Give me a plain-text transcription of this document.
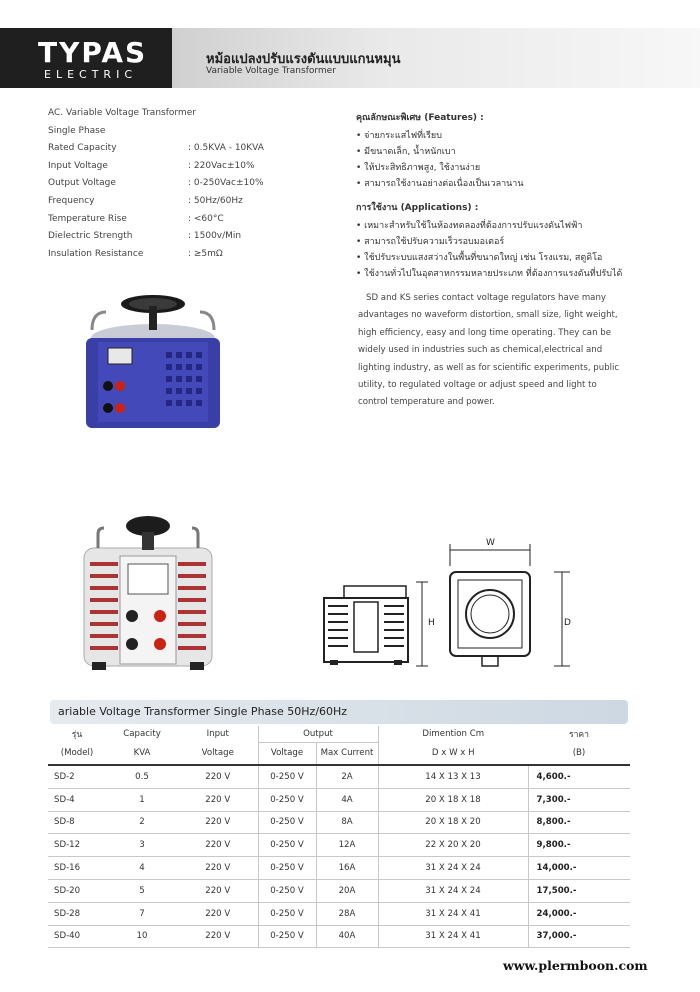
TYPAS
ELECTRIC
หม้อแปลงปรับแรงดันแบบแกนหมุน
Variable Voltage Transformer
AC. Variable Voltage Transformer
Single Phase
Rated Capacity	: 0.5KVA - 10KVA
Input Voltage	: 220Vac±10%
Output Voltage	: 0-250Vac±10%
Frequency	: 50Hz/60Hz
Temperature Rise	: <60°C
Dielectric Strength	: 1500v/Min
Insulation Resistance	: ≥5mΩ
คุณลักษณะพิเศษ (Features) :
• จ่ายกระแสไฟที่เรียบ
• มีขนาดเล็ก, น้ำหนักเบา
• ให้ประสิทธิภาพสูง, ใช้งานง่าย
• สามารถใช้งานอย่างต่อเนื่องเป็นเวลานาน
การใช้งาน (Applications) :
• เหมาะสำหรับใช้ในห้องทดลองที่ต้องการปรับแรงดันไฟฟ้า
• สามารถใช้ปรับความเร็วรอบมอเตอร์
• ใช้ปรับระบบแสงสว่างในพื้นที่ขนาดใหญ่ เช่น โรงแรม, สตูดิโอ
• ใช้งานทั่วไปในอุตสาหกรรมหลายประเภท ที่ต้องการแรงดันที่ปรับได้
SD and KS series contact voltage regulators have many advantages no waveform distortion, small size, light weight, high efficiency, easy and long time operating. They can be widely used in industries such as chemical,electrical and lighting industry, as well as for scientific experiments, public utility, to regulated voltage or adjust speed and light to control temperature and power.
H
W
D
ariable Voltage Transformer Single Phase 50Hz/60Hz
รุ่น	Capacity	Input	Output		Dimention Cm	ราคา
(Model)	KVA	Voltage	Voltage	Max Current	D x W x H	(B)
SD-2	0.5	220 V	0-250 V	2A	14 X 13 X 13	4,600.-
SD-4	1	220 V	0-250 V	4A	20 X 18 X 18	7,300.-
SD-8	2	220 V	0-250 V	8A	20 X 18 X 20	8,800.-
SD-12	3	220 V	0-250 V	12A	22 X 20 X 20	9,800.-
SD-16	4	220 V	0-250 V	16A	31 X 24 X 24	14,000.-
SD-20	5	220 V	0-250 V	20A	31 X 24 X 24	17,500.-
SD-28	7	220 V	0-250 V	28A	31 X 24 X 41	24,000.-
SD-40	10	220 V	0-250 V	40A	31 X 24 X 41	37,000.-
www.plermboon.com
